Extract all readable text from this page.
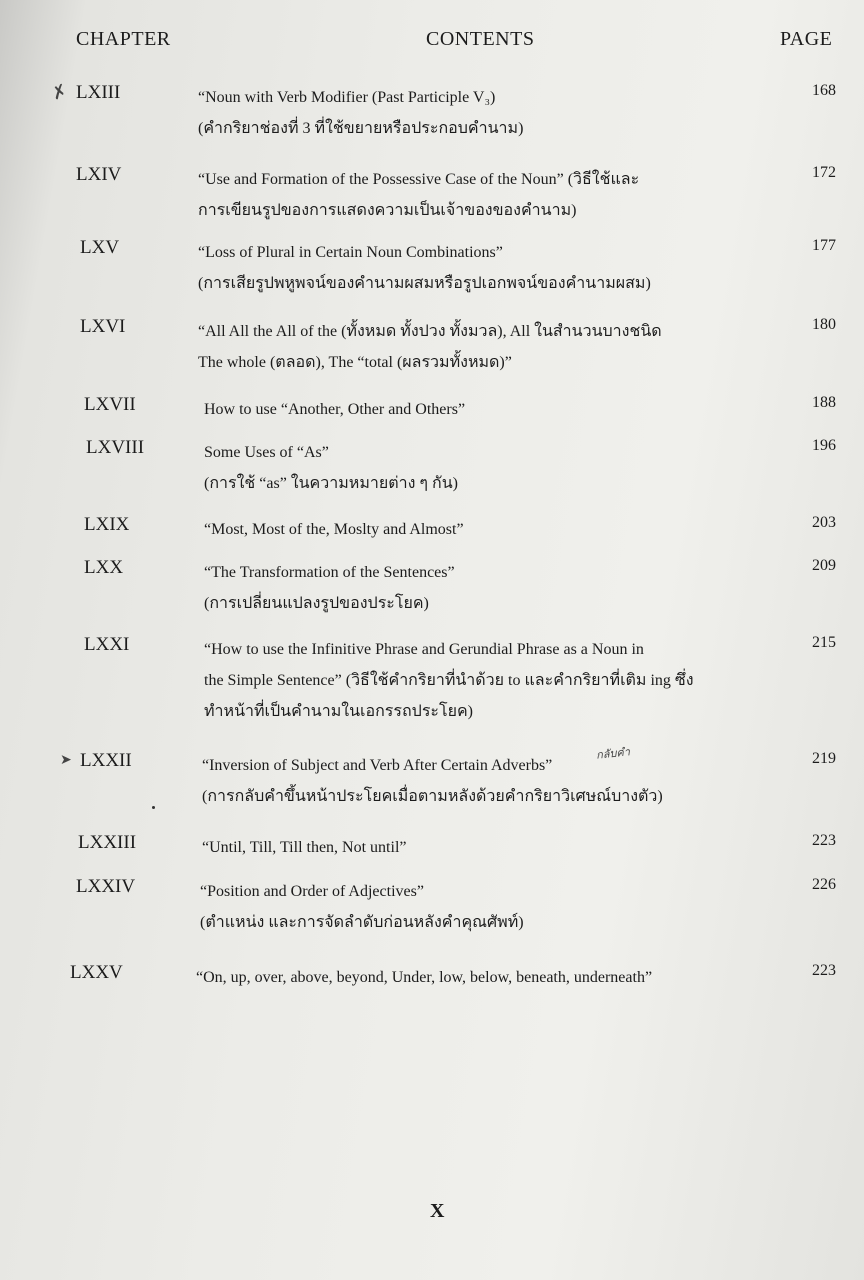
CHAPTER	CONTENTS	PAGE
✗
➤	กลับคำ
LXIII	“Noun with Verb Modifier (Past Participle V₃)
(คำกริยาช่องที่ 3 ที่ใช้ขยายหรือประกอบคำนาม)
168
LXIV	“Use and Formation of the Possessive Case of the Noun” (วิธีใช้และ
การเขียนรูปของการแสดงความเป็นเจ้าของของคำนาม)
172
LXV	“Loss of Plural in Certain Noun Combinations”
(การเสียรูปพหูพจน์ของคำนามผสมหรือรูปเอกพจน์ของคำนามผสม)
177
LXVI	“All All the All of the (ทั้งหมด ทั้งปวง ทั้งมวล), All ในสำนวนบางชนิด
The whole (ตลอด), The “total (ผลรวมทั้งหมด)”
180
LXVII	How to use “Another, Other and Others”	188
LXVIII	Some Uses of “As”
(การใช้ “as” ในความหมายต่าง ๆ กัน)
196
LXIX	“Most, Most of the, Moslty and Almost”	203
LXX	“The Transformation of the Sentences”
(การเปลี่ยนแปลงรูปของประโยค)
209
LXXI	“How to use the Infinitive Phrase and Gerundial Phrase as a Noun in
the Simple Sentence” (วิธีใช้คำกริยาที่นำด้วย to และคำกริยาที่เติม ing ซึ่ง
ทำหน้าที่เป็นคำนามในเอกรรถประโยค)
215
LXXII	“Inversion of Subject and Verb After Certain Adverbs”
(การกลับคำขึ้นหน้าประโยคเมื่อตามหลังด้วยคำกริยาวิเศษณ์บางตัว)
219
LXXIII	“Until, Till, Till then, Not until”	223
LXXIV	“Position and Order of Adjectives”
(ตำแหน่ง และการจัดลำดับก่อนหลังคำคุณศัพท์)
226
LXXV	“On, up, over, above, beyond, Under, low, below, beneath, underneath”	223
X
